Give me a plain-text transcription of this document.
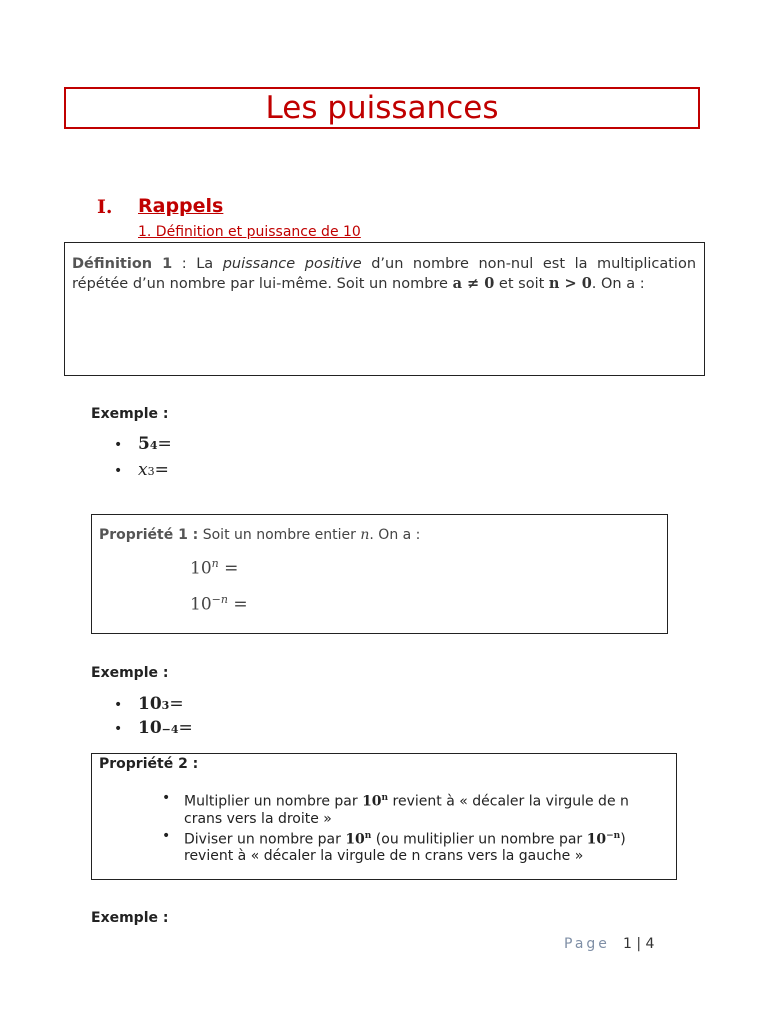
Les puissances
I. Rappels
1. Définition et puissance de 10
Définition 1 : La puissance positive d’un nombre non-nul est la multiplication répétée d’un nombre par lui-même. Soit un nombre a ≠ 0 et soit n > 0. On a :
Exemple :
• 5 4 =
• x 3 =
Propriété 1 : Soit un nombre entier n. On a :
$10^n$ =
$10^{-n}$ =
Exemple :
• 10 3 =
• 10 −4 =
Propriété 2 :
• Multiplier un nombre par 10$^n$ revient à « décaler la virgule de n crans vers la droite »
• Diviser un nombre par 10$^n$ (ou mulitiplier un nombre par $10^{-n}$) revient à « décaler la virgule de n crans vers la gauche »
Exemple :
Page 1 | 4
